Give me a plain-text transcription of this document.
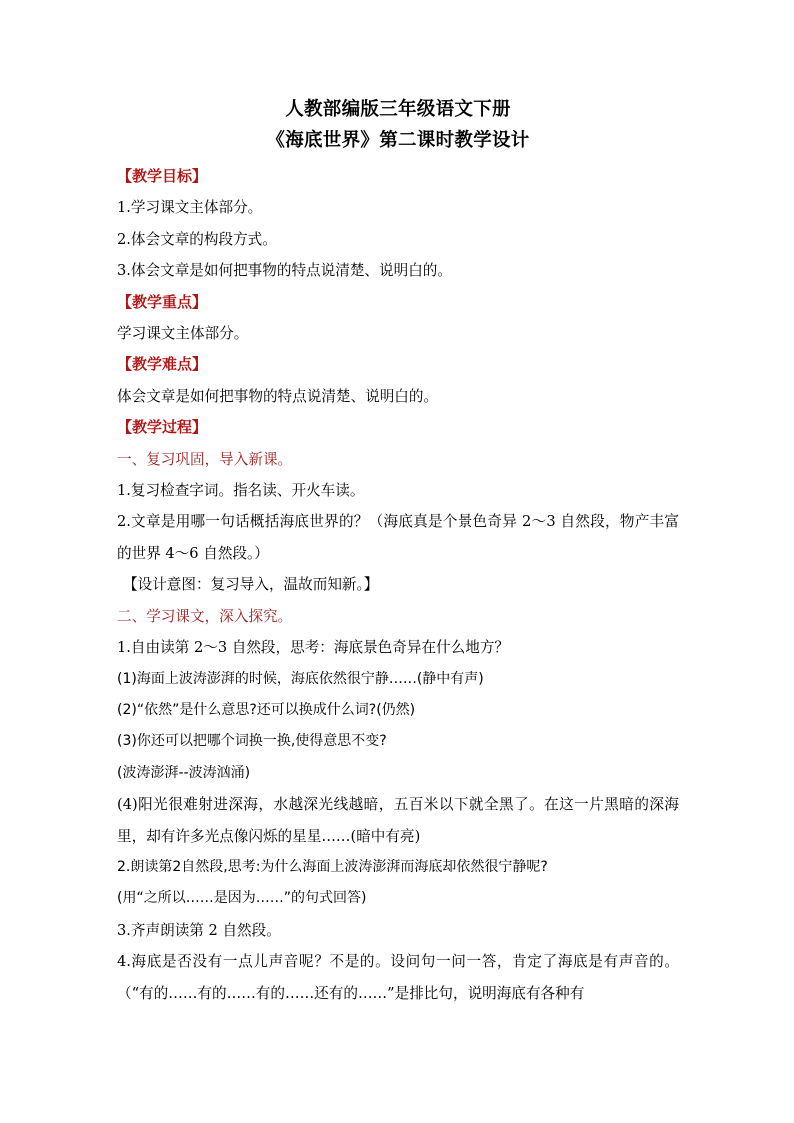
人教部编版三年级语文下册

《海底世界》第二课时教学设计

【教学目标】

1.学习课文主体部分。

2.体会文章的构段方式。

3.体会文章是如何把事物的特点说清楚、说明白的。

【教学重点】

学习课文主体部分。

【教学难点】

体会文章是如何把事物的特点说清楚、说明白的。

【教学过程】

一、复习巩固，导入新课。

1.复习检查字词。指名读、开火车读。

2.文章是用哪一句话概括海底世界的？（海底真是个景色奇异 2～3 自然段，物产丰富的世界 4～6 自然段。）

【设计意图：复习导入，温故而知新。】

二、学习课文，深入探究。

1.自由读第 2～3 自然段，思考：海底景色奇异在什么地方？

(1)海面上波涛澎湃的时候，海底依然很宁静……(静中有声)

(2)“依然”是什么意思?还可以换成什么词?(仍然)

(3)你还可以把哪个词换一换,使得意思不变?

(波涛澎湃--波涛汹涌)

(4)阳光很难射进深海，水越深光线越暗，五百米以下就全黑了。在这一片黑暗的深海里，却有许多光点像闪烁的星星……(暗中有亮)

2.朗读第2自然段,思考:为什么海面上波涛澎湃而海底却依然很宁静呢?

(用“之所以……是因为……”的句式回答)

3.齐声朗读第 2 自然段。

4.海底是否没有一点儿声音呢？不是的。设问句一问一答，肯定了海底是有声音的。（“有的……有的……有的……还有的……”是排比句，说明海底有各种有
